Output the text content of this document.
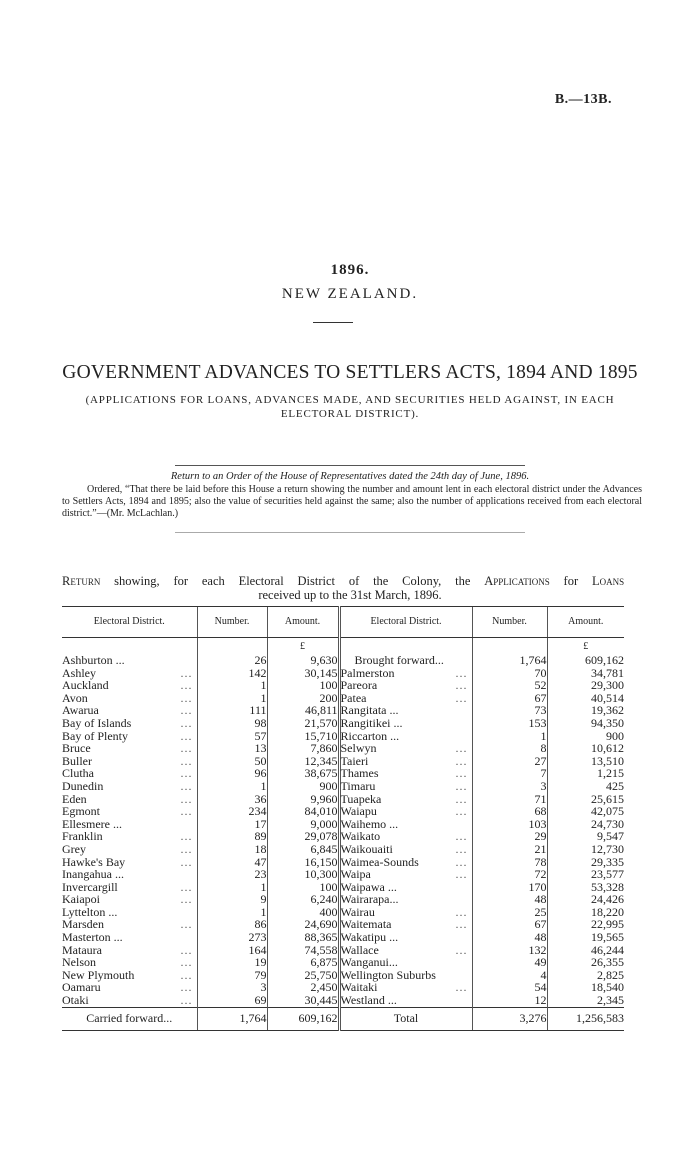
B.—13B.
1896.
NEW ZEALAND.
GOVERNMENT ADVANCES TO SETTLERS ACTS, 1894 AND 1895
(APPLICATIONS FOR LOANS, ADVANCES MADE, AND SECURITIES HELD AGAINST, IN EACH ELECTORAL DISTRICT).
Return to an Order of the House of Representatives dated the 24th day of June, 1896.
Ordered, “That there be laid before this House a return showing the number and amount lent in each electoral district under the Advances to Settlers Acts, 1894 and 1895; also the value of securities held against the same; also the number of applications received from each electoral district.”—(Mr. McLachlan.)
Return showing, for each Electoral District of the Colony, the Applications for Loans
received up to the 31st March, 1896.
Electoral District.	Number.	Amount.	Electoral District.	Number.	Amount.
		£			£
Ashburton ...	26	9,630	Brought forward...	1,764	609,162
Ashley ...	142	30,145	Palmerston ...	70	34,781
Auckland ...	1	100	Pareora ...	52	29,300
Avon ...	1	200	Patea ...	67	40,514
Awarua ...	111	46,811	Rangitata ...	73	19,362
Bay of Islands ...	98	21,570	Rangitikei ...	153	94,350
Bay of Plenty ...	57	15,710	Riccarton ...	1	900
Bruce ...	13	7,860	Selwyn ...	8	10,612
Buller ...	50	12,345	Taieri ...	27	13,510
Clutha ...	96	38,675	Thames ...	7	1,215
Dunedin ...	1	900	Timaru ...	3	425
Eden ...	36	9,960	Tuapeka ...	71	25,615
Egmont ...	234	84,010	Waiapu ...	68	42,075
Ellesmere ...	17	9,000	Waihemo ...	103	24,730
Franklin ...	89	29,078	Waikato ...	29	9,547
Grey ...	18	6,845	Waikouaiti ...	21	12,730
Hawke's Bay ...	47	16,150	Waimea-Sounds ...	78	29,335
Inangahua ...	23	10,300	Waipa ...	72	23,577
Invercargill ...	1	100	Waipawa ...	170	53,328
Kaiapoi ...	9	6,240	Wairarapa...	48	24,426
Lyttelton ...	1	400	Wairau ...	25	18,220
Marsden ...	86	24,690	Waitemata ...	67	22,995
Masterton ...	273	88,365	Wakatipu ...	48	19,565
Mataura ...	164	74,558	Wallace ...	132	46,244
Nelson ...	19	6,875	Wanganui...	49	26,355
New Plymouth ...	79	25,750	Wellington Suburbs	4	2,825
Oamaru ...	3	2,450	Waitaki ...	54	18,540
Otaki ...	69	30,445	Westland ...	12	2,345
Carried forward...	1,764	609,162	Total	3,276	1,256,583
